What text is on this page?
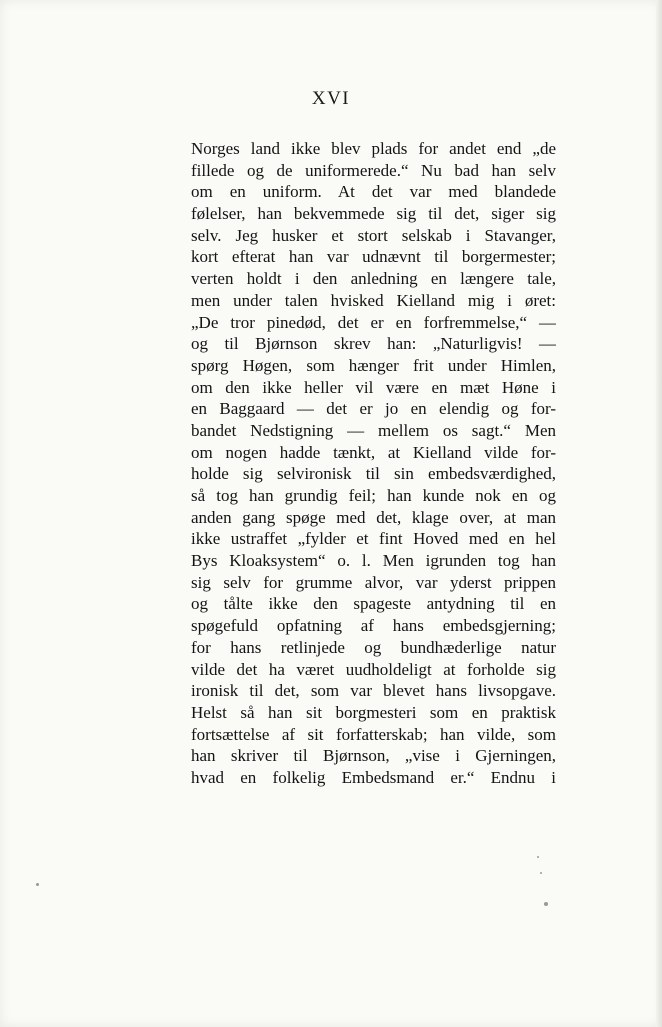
XVI
Norges land ikke blev plads for andet end „de
fillede og de uniformerede.“ Nu bad han selv
om en uniform. At det var med blandede
følelser, han bekvemmede sig til det, siger sig
selv. Jeg husker et stort selskab i Stavanger,
kort efterat han var udnævnt til borgermester;
verten holdt i den anledning en længere tale,
men under talen hvisked Kielland mig i øret:
„De tror pinedød, det er en forfremmelse,“ —
og til Bjørnson skrev han: „Naturligvis! —
spørg Høgen, som hænger frit under Himlen,
om den ikke heller vil være en mæt Høne i
en Baggaard — det er jo en elendig og for-
bandet Nedstigning — mellem os sagt.“ Men
om nogen hadde tænkt, at Kielland vilde for-
holde sig selvironisk til sin embedsværdighed,
så tog han grundig feil; han kunde nok en og
anden gang spøge med det, klage over, at man
ikke ustraffet „fylder et fint Hoved med en hel
Bys Kloaksystem“ o. l. Men igrunden tog han
sig selv for grumme alvor, var yderst prippen
og tålte ikke den spageste antydning til en
spøgefuld opfatning af hans embedsgjerning;
for hans retlinjede og bundhæderlige natur
vilde det ha været uudholdeligt at forholde sig
ironisk til det, som var blevet hans livsopgave.
Helst så han sit borgmesteri som en praktisk
fortsættelse af sit forfatterskab; han vilde, som
han skriver til Bjørnson, „vise i Gjerningen,
hvad en folkelig Embedsmand er.“ Endnu i
